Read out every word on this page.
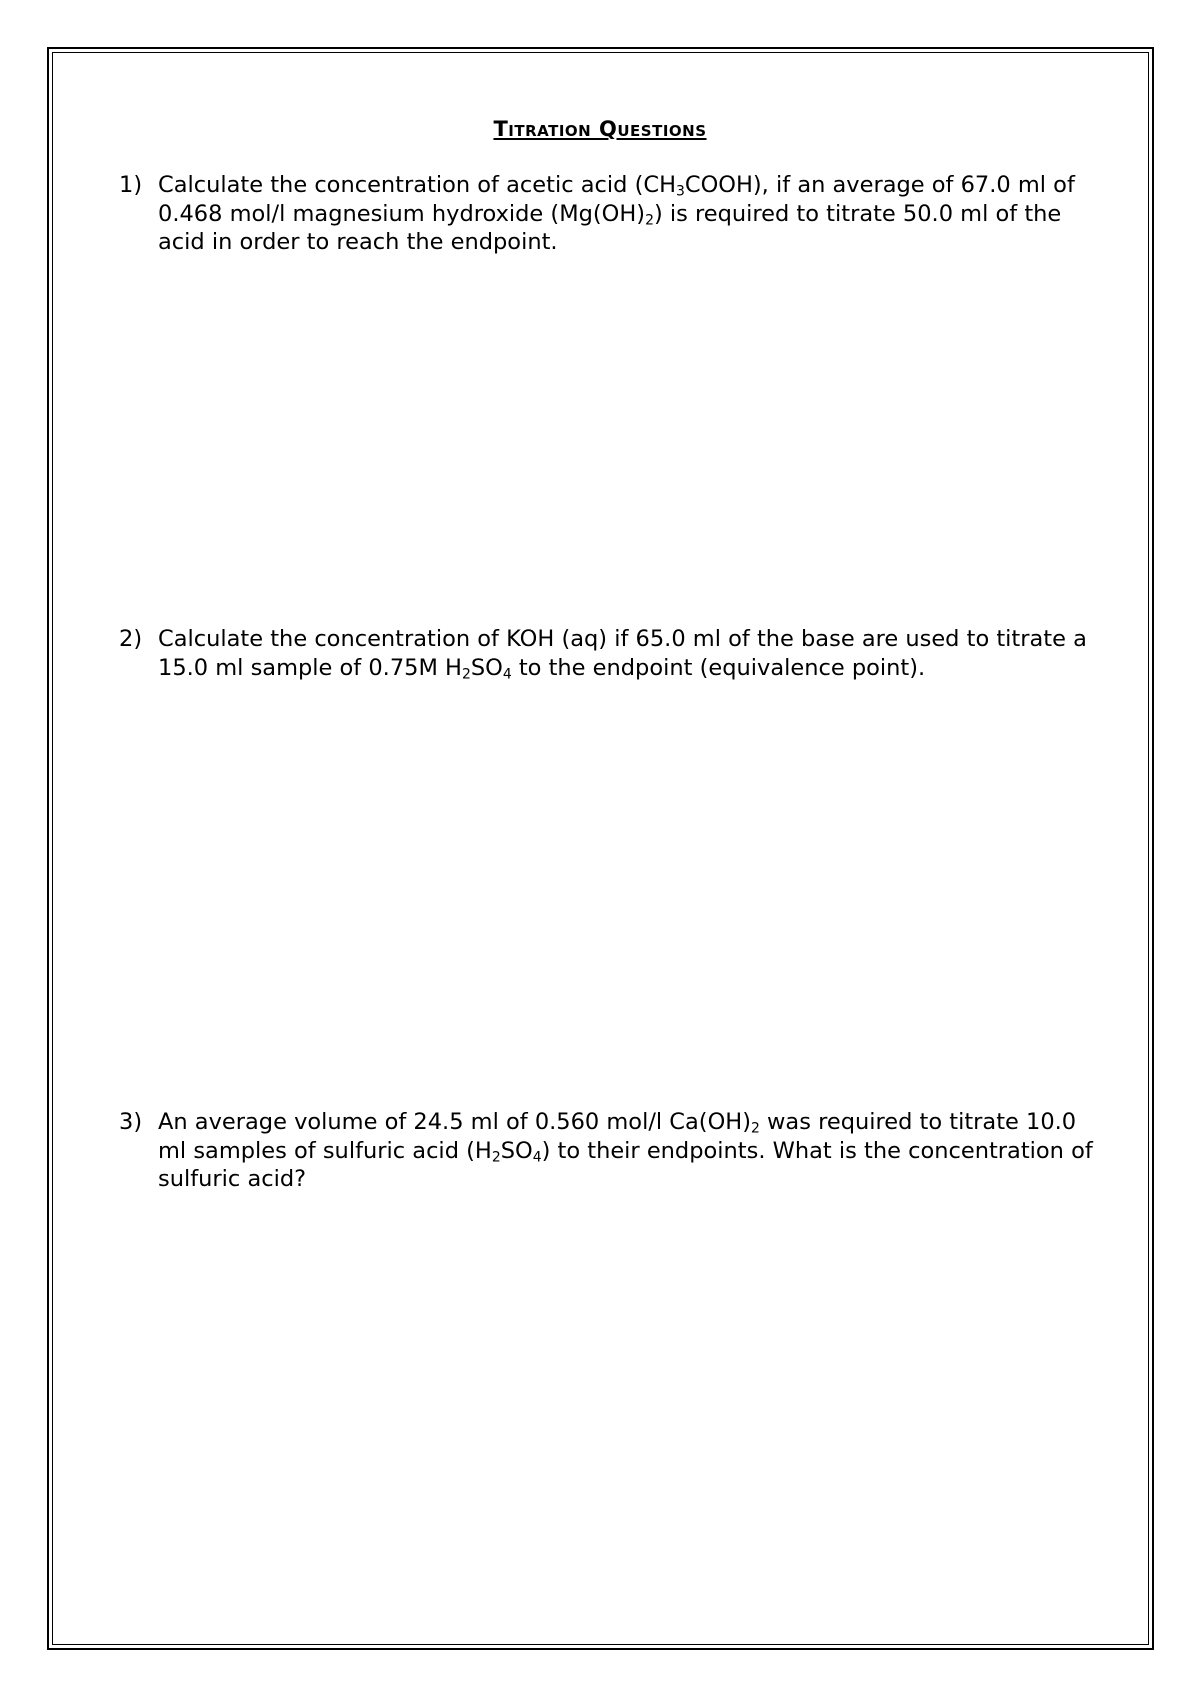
Titration Questions
1) Calculate the concentration of acetic acid $(CH_3COOH)$, if an average of 67.0 ml of 0.468 mol/l magnesium hydroxide $(Mg(OH)_2)$ is required to titrate 50.0 ml of the acid in order to reach the endpoint.
2) Calculate the concentration of KOH (aq) if 65.0 ml of the base are used to titrate a 15.0 ml sample of 0.75M $H_2SO_4$ to the endpoint (equivalence point).
3) An average volume of 24.5 ml of 0.560 mol/l $Ca(OH)_2$ was required to titrate 10.0 ml samples of sulfuric acid $(H_2SO_4)$ to their endpoints. What is the concentration of sulfuric acid?
